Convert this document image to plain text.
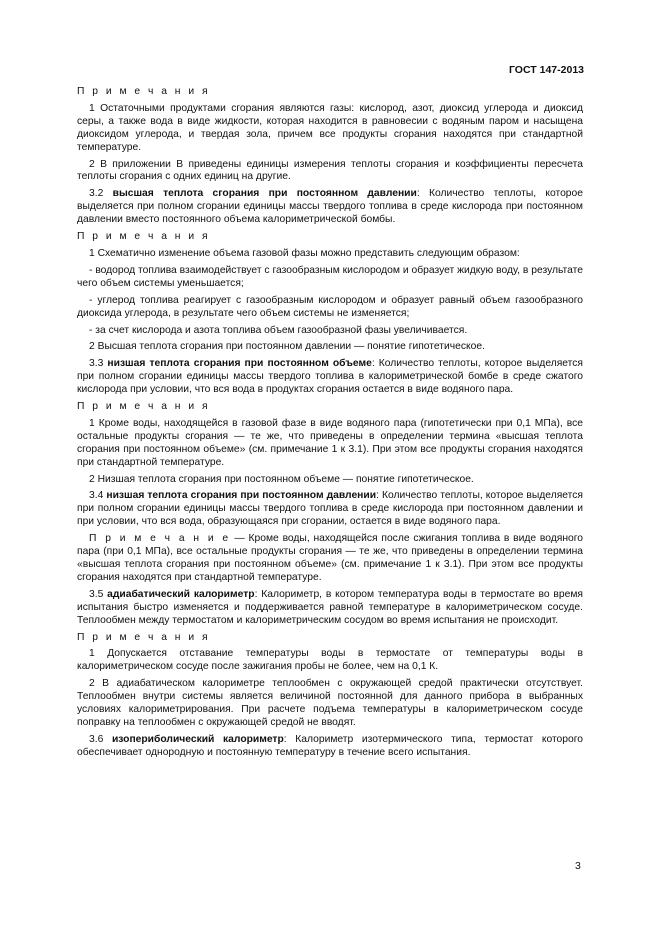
ГОСТ 147-2013

П р и м е ч а н и я

1 Остаточными продуктами сгорания являются газы: кислород, азот, диоксид углерода и диоксид серы, а также вода в виде жидкости, которая находится в равновесии с водяным паром и насыщена диоксидом углерода, и твердая зола, причем все продукты сгорания находятся при стандартной температуре.

2 В приложении В приведены единицы измерения теплоты сгорания и коэффициенты пересчета теплоты сгорания с одних единиц на другие.

3.2 высшая теплота сгорания при постоянном давлении: Количество теплоты, которое выделяется при полном сгорании единицы массы твердого топлива в среде кислорода при постоянном давлении вместо постоянного объема калориметрической бомбы.

П р и м е ч а н и я

1 Схематично изменение объема газовой фазы можно представить следующим образом:

- водород топлива взаимодействует с газообразным кислородом и образует жидкую воду, в результате чего объем системы уменьшается;

- углерод топлива реагирует с газообразным кислородом и образует равный объем газообразного диоксида углерода, в результате чего объем системы не изменяется;

- за счет кислорода и азота топлива объем газообразной фазы увеличивается.

2 Высшая теплота сгорания при постоянном давлении — понятие гипотетическое.

3.3 низшая теплота сгорания при постоянном объеме: Количество теплоты, которое выделяется при полном сгорании единицы массы твердого топлива в калориметрической бомбе в среде сжатого кислорода при условии, что вся вода в продуктах сгорания остается в виде водяного пара.

П р и м е ч а н и я

1 Кроме воды, находящейся в газовой фазе в виде водяного пара (гипотетически при 0,1 МПа), все остальные продукты сгорания — те же, что приведены в определении термина «высшая теплота сгорания при постоянном объеме» (см. примечание 1 к 3.1). При этом все продукты сгорания находятся при стандартной температуре.

2 Низшая теплота сгорания при постоянном объеме — понятие гипотетическое.

3.4 низшая теплота сгорания при постоянном давлении: Количество теплоты, которое выделяется при полном сгорании единицы массы твердого топлива в среде кислорода при постоянном давлении и при условии, что вся вода, образующаяся при сгорании, остается в виде водяного пара.

П р и м е ч а н и е — Кроме воды, находящейся после сжигания топлива в виде водяного пара (при 0,1 МПа), все остальные продукты сгорания — те же, что приведены в определении термина «высшая теплота сгорания при постоянном объеме» (см. примечание 1 к 3.1). При этом все продукты сгорания находятся при стандартной температуре.

3.5 адиабатический калориметр: Калориметр, в котором температура воды в термостате во время испытания быстро изменяется и поддерживается равной температуре в калориметрическом сосуде. Теплообмен между термостатом и калориметрическим сосудом во время испытания не происходит.

П р и м е ч а н и я

1 Допускается отставание температуры воды в термостате от температуры воды в калориметрическом сосуде после зажигания пробы не более, чем на 0,1 К.

2 В адиабатическом калориметре теплообмен с окружающей средой практически отсутствует. Теплообмен внутри системы является величиной постоянной для данного прибора в выбранных условиях калориметрирования. При расчете подъема температуры в калориметрическом сосуде поправку на теплообмен с окружающей средой не вводят.

3.6 изопериболический калориметр: Калориметр изотермического типа, термостат которого обеспечивает однородную и постоянную температуру в течение всего испытания.

3
